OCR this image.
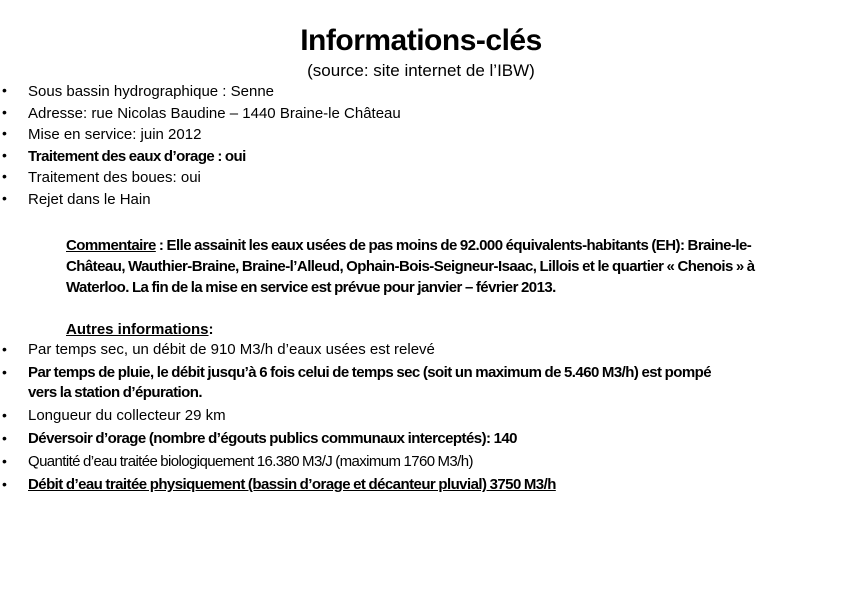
Informations-clés
(source: site internet de l’IBW)
• Sous bassin hydrographique : Senne
• Adresse: rue Nicolas Baudine – 1440 Braine-le Château
• Mise en service: juin 2012
• Traitement des eaux d’orage : oui
• Traitement des boues: oui
• Rejet dans le Hain

Commentaire : Elle assainit les eaux usées de pas moins de 92.000 équivalents-habitants (EH): Braine-le-Château, Wauthier-Braine, Braine-l’Alleud, Ophain-Bois-Seigneur-Isaac, Lillois et le quartier « Chenois » à Waterloo. La fin de la mise en service est prévue pour janvier – février 2013.

Autres informations:

• Par temps sec, un débit de 910 M3/h d’eaux usées est relevé
• Par temps de pluie, le débit jusqu’à 6 fois celui de temps sec (soit un maximum de 5.460 M3/h) est pompé vers la station d’épuration.
• Longueur du collecteur 29 km
• Déversoir d’orage (nombre d’égouts publics communaux interceptés): 140
• Quantité d’eau traitée biologiquement 16.380 M3/J (maximum 1760 M3/h)
• Débit d’eau traitée physiquement (bassin d’orage et décanteur pluvial) 3750 M3/h
